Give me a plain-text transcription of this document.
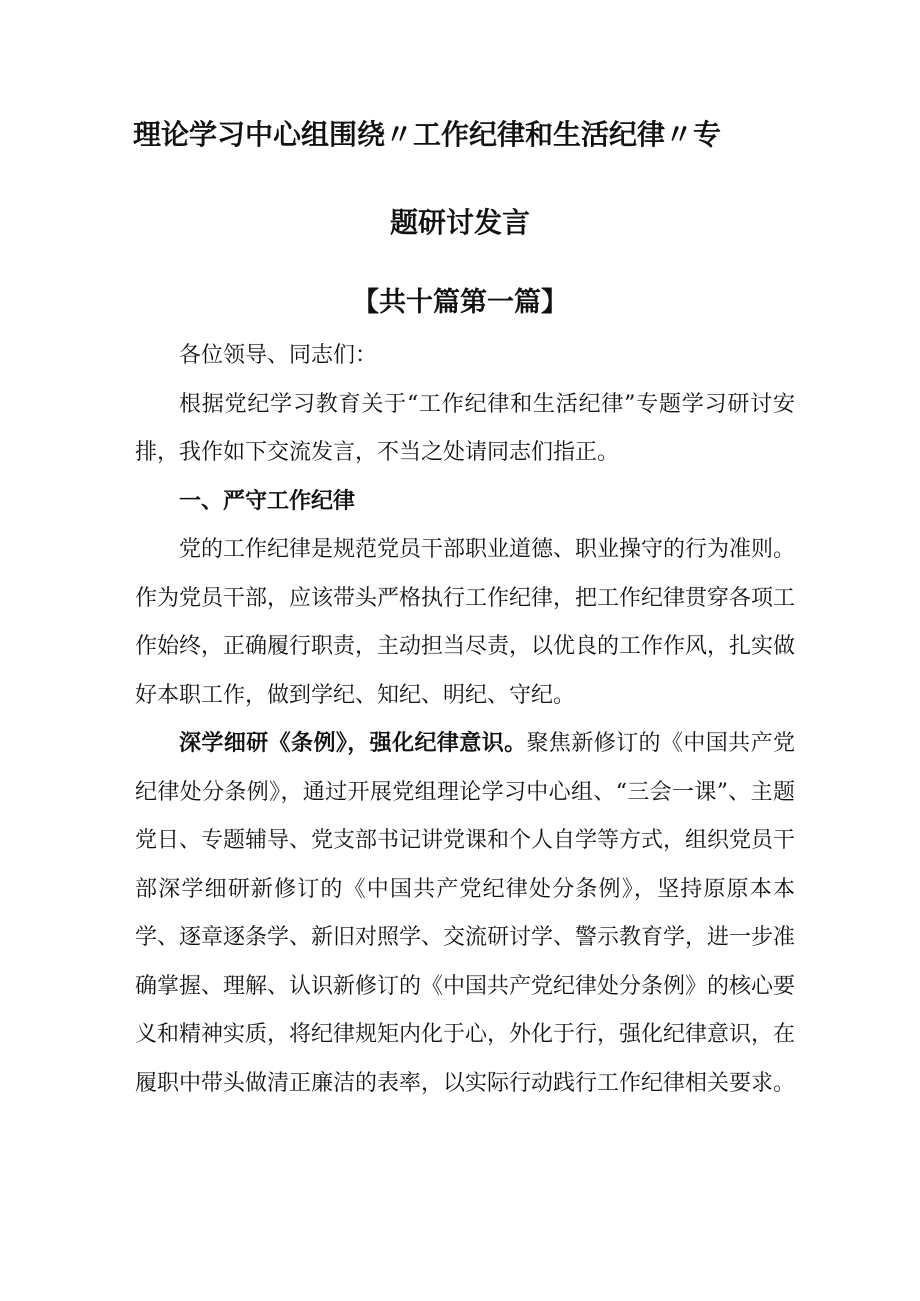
理论学习中心组围绕〃工作纪律和生活纪律〃专
题研讨发言
【共十篇第一篇】

各位领导、同志们：

根据党纪学习教育关于“工作纪律和生活纪律”专题学习研讨安排，我作如下交流发言，不当之处请同志们指正。

一、严守工作纪律

党的工作纪律是规范党员干部职业道德、职业操守的行为准则。作为党员干部，应该带头严格执行工作纪律，把工作纪律贯穿各项工作始终，正确履行职责，主动担当尽责，以优良的工作作风，扎实做好本职工作，做到学纪、知纪、明纪、守纪。

深学细研《条例》，强化纪律意识。聚焦新修订的《中国共产党纪律处分条例》，通过开展党组理论学习中心组、“三会一课”、主题党日、专题辅导、党支部书记讲党课和个人自学等方式，组织党员干部深学细研新修订的《中国共产党纪律处分条例》，坚持原原本本学、逐章逐条学、新旧对照学、交流研讨学、警示教育学，进一步准确掌握、理解、认识新修订的《中国共产党纪律处分条例》的核心要义和精神实质，将纪律规矩内化于心，外化于行，强化纪律意识，在履职中带头做清正廉洁的表率，以实际行动践行工作纪律相关要求。
